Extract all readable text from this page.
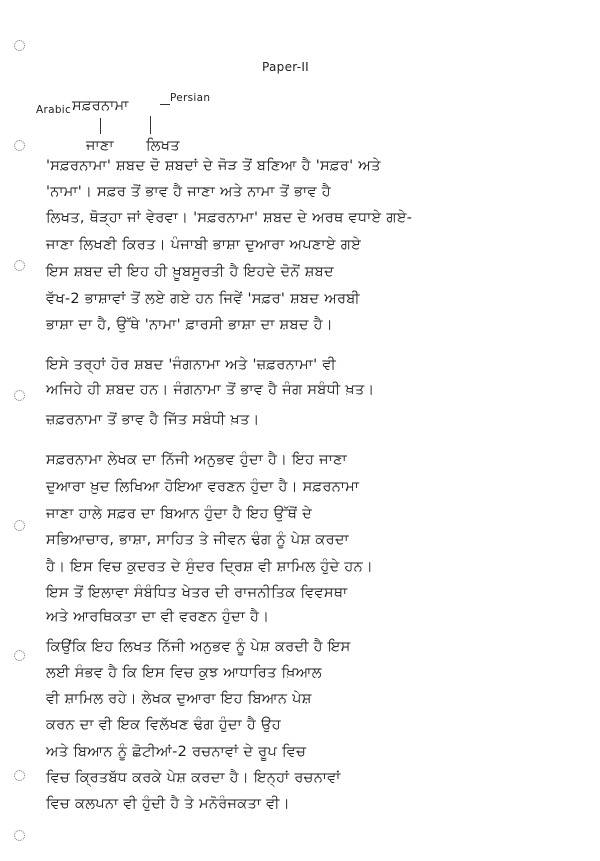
Paper-II
Arabic ਸਫ਼ਰਨਾਮਾ	Persian
ਜਾਣਾ ਲਿਖਤ
'ਸਫ਼ਰਨਾਮਾ' ਸ਼ਬਦ ਦੋ ਸ਼ਬਦਾਂ ਦੇ ਜੋੜ ਤੋਂ ਬਣਿਆ ਹੈ 'ਸਫ਼ਰ' ਅਤੇ
'ਨਾਮਾ'। ਸਫ਼ਰ ਤੋਂ ਭਾਵ ਹੈ ਜਾਣਾ ਅਤੇ ਨਾਮਾ ਤੋਂ ਭਾਵ ਹੈ
ਲਿਖਤ, ਥੋੜ੍ਹਾ ਜਾਂ ਵੇਰਵਾ। 'ਸਫ਼ਰਨਾਮਾ' ਸ਼ਬਦ ਦੇ ਅਰਥ ਵਧਾਏ ਗਏ-
ਜਾਣਾ ਲਿਖਣੀ ਕਿਰਤ। ਪੰਜਾਬੀ ਭਾਸ਼ਾ ਦੁਆਰਾ ਅਪਣਾਏ ਗਏ
ਇਸ ਸ਼ਬਦ ਦੀ ਇਹ ਹੀ ਖ਼ੂਬਸੂਰਤੀ ਹੈ ਇਹਦੇ ਦੋਨੋਂ ਸ਼ਬਦ
ਵੱਖ-2 ਭਾਸ਼ਾਵਾਂ ਤੋਂ ਲਏ ਗਏ ਹਨ ਜਿਵੇਂ 'ਸਫ਼ਰ' ਸ਼ਬਦ ਅਰਬੀ
ਭਾਸ਼ਾ ਦਾ ਹੈ, ਉੱਥੇ 'ਨਾਮਾ' ਫ਼ਾਰਸੀ ਭਾਸ਼ਾ ਦਾ ਸ਼ਬਦ ਹੈ।
ਇਸੇ ਤਰ੍ਹਾਂ ਹੋਰ ਸ਼ਬਦ 'ਜੰਗਨਾਮਾ ਅਤੇ 'ਜ਼ਫ਼ਰਨਾਮਾ' ਵੀ
ਅਜਿਹੇ ਹੀ ਸ਼ਬਦ ਹਨ। ਜੰਗਨਾਮਾ ਤੋਂ ਭਾਵ ਹੈ ਜੰਗ ਸਬੰਧੀ ਖ਼ਤ।
ਜ਼ਫ਼ਰਨਾਮਾ ਤੋਂ ਭਾਵ ਹੈ ਜਿੱਤ ਸਬੰਧੀ ਖ਼ਤ।
ਸਫ਼ਰਨਾਮਾ ਲੇਖਕ ਦਾ ਨਿੱਜੀ ਅਨੁਭਵ ਹੁੰਦਾ ਹੈ। ਇਹ ਜਾਣਾ
ਦੁਆਰਾ ਖ਼ੁਦ ਲਿਖਿਆ ਹੋਇਆ ਵਰਣਨ ਹੁੰਦਾ ਹੈ। ਸਫ਼ਰਨਾਮਾ
ਜਾਣਾ ਹਾਲੇ ਸਫ਼ਰ ਦਾ ਬਿਆਨ ਹੁੰਦਾ ਹੈ ਇਹ ਉੱਥੋਂ ਦੇ
ਸਭਿਆਚਾਰ, ਭਾਸ਼ਾ, ਸਾਹਿਤ ਤੇ ਜੀਵਨ ਢੰਗ ਨੂੰ ਪੇਸ਼ ਕਰਦਾ
ਹੈ। ਇਸ ਵਿਚ ਕੁਦਰਤ ਦੇ ਸੁੰਦਰ ਦ੍ਰਿਸ਼ ਵੀ ਸ਼ਾਮਿਲ ਹੁੰਦੇ ਹਨ।
ਇਸ ਤੋਂ ਇਲਾਵਾ ਸੰਬੰਧਿਤ ਖੇਤਰ ਦੀ ਰਾਜਨੀਤਿਕ ਵਿਵਸਥਾ
ਅਤੇ ਆਰਥਿਕਤਾ ਦਾ ਵੀ ਵਰਣਨ ਹੁੰਦਾ ਹੈ।
ਕਿਉਂਕਿ ਇਹ ਲਿਖਤ ਨਿੱਜੀ ਅਨੁਭਵ ਨੂੰ ਪੇਸ਼ ਕਰਦੀ ਹੈ ਇਸ
ਲਈ ਸੰਭਵ ਹੈ ਕਿ ਇਸ ਵਿਚ ਕੁਝ ਆਧਾਰਿਤ ਖ਼ਿਆਲ
ਵੀ ਸ਼ਾਮਿਲ ਰਹੇ। ਲੇਖਕ ਦੁਆਰਾ ਇਹ ਬਿਆਨ ਪੇਸ਼
ਕਰਨ ਦਾ ਵੀ ਇਕ ਵਿਲੱਖਣ ਢੰਗ ਹੁੰਦਾ ਹੈ ਉਹ
ਅਤੇ ਬਿਆਨ ਨੂੰ ਛੋਟੀਆਂ-2 ਰਚਨਾਵਾਂ ਦੇ ਰੂਪ ਵਿਚ
ਵਿਚ ਕ੍ਰਿਤਬੱਧ ਕਰਕੇ ਪੇਸ਼ ਕਰਦਾ ਹੈ। ਇਨ੍ਹਾਂ ਰਚਨਾਵਾਂ
ਵਿਚ ਕਲਪਨਾ ਵੀ ਹੁੰਦੀ ਹੈ ਤੇ ਮਨੋਰੰਜਕਤਾ ਵੀ।
